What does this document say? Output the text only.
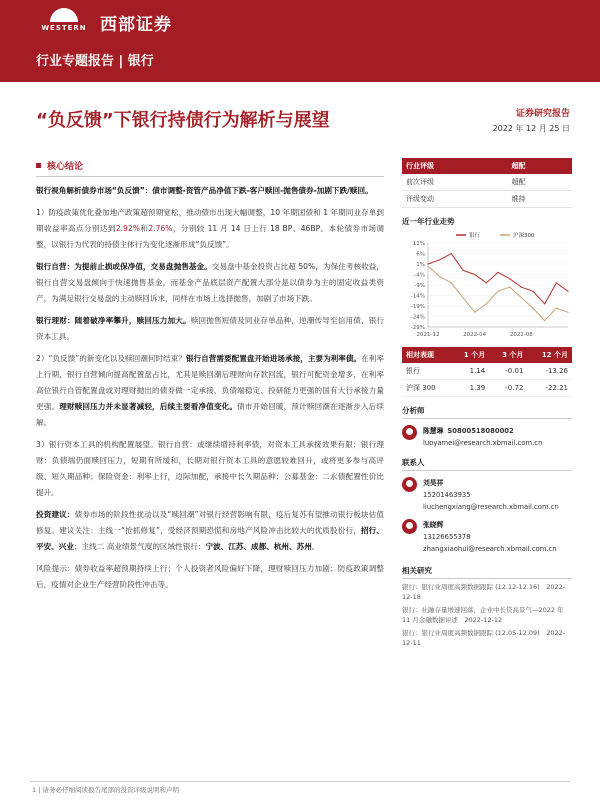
WESTERN 西部证券
行业专题报告 | 银行
“负反馈”下银行持债行为解析与展望	证券研究报告
2022 年 12 月 25 日
核心结论

银行视角解析债券市场“负反馈”：债市调整-资管产品净值下跌-客户赎回-抛售债券-加剧下跌/赎回。

1）防疫政策优化叠加地产政策超预期宽松，推动债市出现大幅调整，10 年期国债和 1 年期同业存单到期收益率高点分别达到2.92%和2.76%，分别较 11 月 14 日上行 18 BP、46BP。本轮债券市场调整，以银行为代表的持债主体行为变化逐渐形成“负反馈”。

银行自营：为提前止损或保净值，交易盘抛售基金。交易盘中基金投资占比超 50%，为保住考核收益，银行自营交易盘倾向于快速抛售基金，而基金产品底层资产配置大部分是以债券为主的固定收益类资产，为满足银行交易盘的主动赎回诉求，同样在市场上选择抛售，加剧了市场下跌。

银行理财：随着破净率攀升，赎回压力加大。赎回抛售短债及同业存单品种，逆潮传导至信用债、银行资本工具。

2）“负反馈”的新变化以及赎回潮何时结束？银行自营需要配置盘开始进场承接，主要为利率债。在利率上行期，银行自营倾向提高配置盘占比，尤其是赎回潮后理财向存款回流，银行可配资金增多，在利率高位银行自管配置盘或对理财抛出的债券做一定承接，负债端稳定、投研能力更强的国有大行承接力量更强。理财赎回压力并未显著减轻，后续主要看净值变化。债市开始回暖，预计赎回潮在逐渐步入后续解。

3）银行资本工具的机构配置展望。银行自营：或继续增持利率债，对资本工具承接效果有限；银行理财：负债端仍面赎回压力，短期有所缓和，长期对银行资本工具的意愿较难回升，或将更多参与高评级、短久期品种；保险资金：利率上行，边际加配，承接中长久期品种；公募基金：二永债配置性价比提升。

投资建议：债券市场的阶段性扰动以及“赎回潮”对银行经营影响有限，疫后复苏有望推动银行板块估值修复。建议关注：主线一“抢抓修复”，受经济预期恐慌和房地产风险冲击比较大的优质股份行，招行、平安、兴业；主线二 高业绩景气度的区域性银行：宁波、江苏、成都、杭州、苏州。

风险提示：债券收益率超预期持续上行；个人投资者风险偏好下降，理财赎回压力加剧；防疫政策调整后，疫情对企业生产经营阶段性冲击等。

行业评级	超配
前次评级	超配
评级变动	维持
近一年行业走势
11%
6%
1%
-4%
-9%
-14%
-19%
-24%
-29%
2021-12	2022-04	2022-08
银行	沪深300
相对表现	1 个月	3 个月	12 个月
银行	1.14	-0.01	-13.26
沪深 300	1.39	-0.72	-22.21
分析师
陈慧琳 S0800518080002
luoyamei@research.xbmail.com.cn
联系人
刘昊祥
15201463935
liuchengxiang@research.xbmail.com.cn
张晓辉
13126655378
zhangxiaohui@research.xbmail.com.cn
相关研究
银行：银行业周度高频数据跟踪 (12.12-12.16)　2022-12-18
银行：社融存量增速回落，企业中长贷高景气—2022 年 11 月金融数据评述　2022-12-12
银行：银行业周度高频数据跟踪 (12.05-12.09)　2022-12-11
1 | 请务必仔细阅读报告尾部的投资评级说明和声明
